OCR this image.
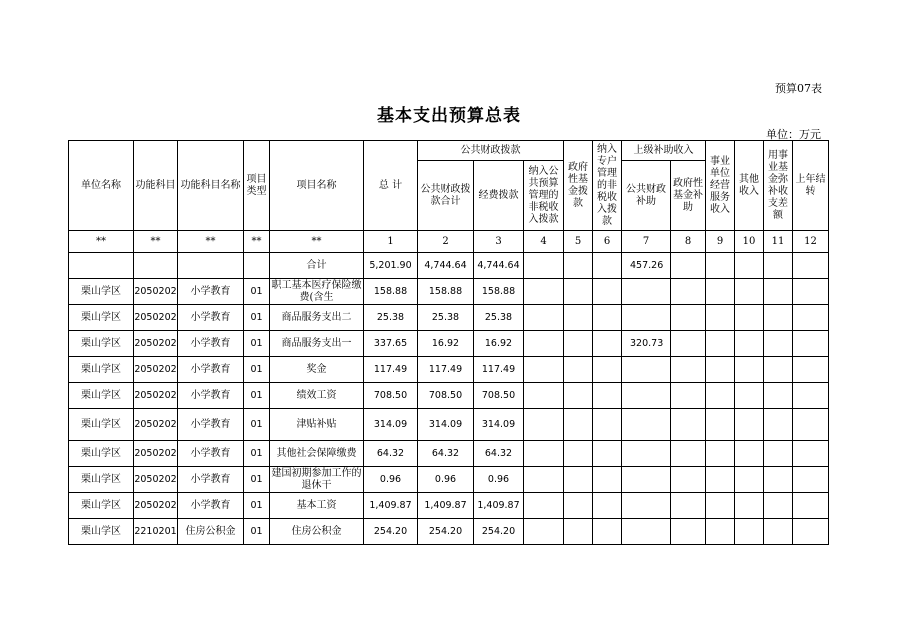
预算07表
基本支出预算总表
单位：万元
单位名称	功能科目	功能科目名称	项目类型	项目名称	总 计	公共财政拨款			政府性基金拨款	纳入专户管理的非税收入拨款	上级补助收入		事业单位经营服务收入	其他收入	用事业基金弥补收支差额	上年结转
						公共财政拨款合计	经费拨款	纳入公共预算管理的非税收入拨款			公共财政补助	政府性基金补助				
**	**	**	**	**	1	2	3	4	5	6	7	8	9	10	11	12
				合计	5,201.90	4,744.64	4,744.64				457.26					
栗山学区	2050202	小学教育	01	职工基本医疗保险缴费(含生	158.88	158.88	158.88									
栗山学区	2050202	小学教育	01	商品服务支出二	25.38	25.38	25.38									
栗山学区	2050202	小学教育	01	商品服务支出一	337.65	16.92	16.92				320.73					
栗山学区	2050202	小学教育	01	奖金	117.49	117.49	117.49									
栗山学区	2050202	小学教育	01	绩效工资	708.50	708.50	708.50									
栗山学区	2050202	小学教育	01	津贴补贴	314.09	314.09	314.09									
栗山学区	2050202	小学教育	01	其他社会保障缴费	64.32	64.32	64.32									
栗山学区	2050202	小学教育	01	建国初期参加工作的退休干	0.96	0.96	0.96									
栗山学区	2050202	小学教育	01	基本工资	1,409.87	1,409.87	1,409.87									
栗山学区	2210201	住房公积金	01	住房公积金	254.20	254.20	254.20									
